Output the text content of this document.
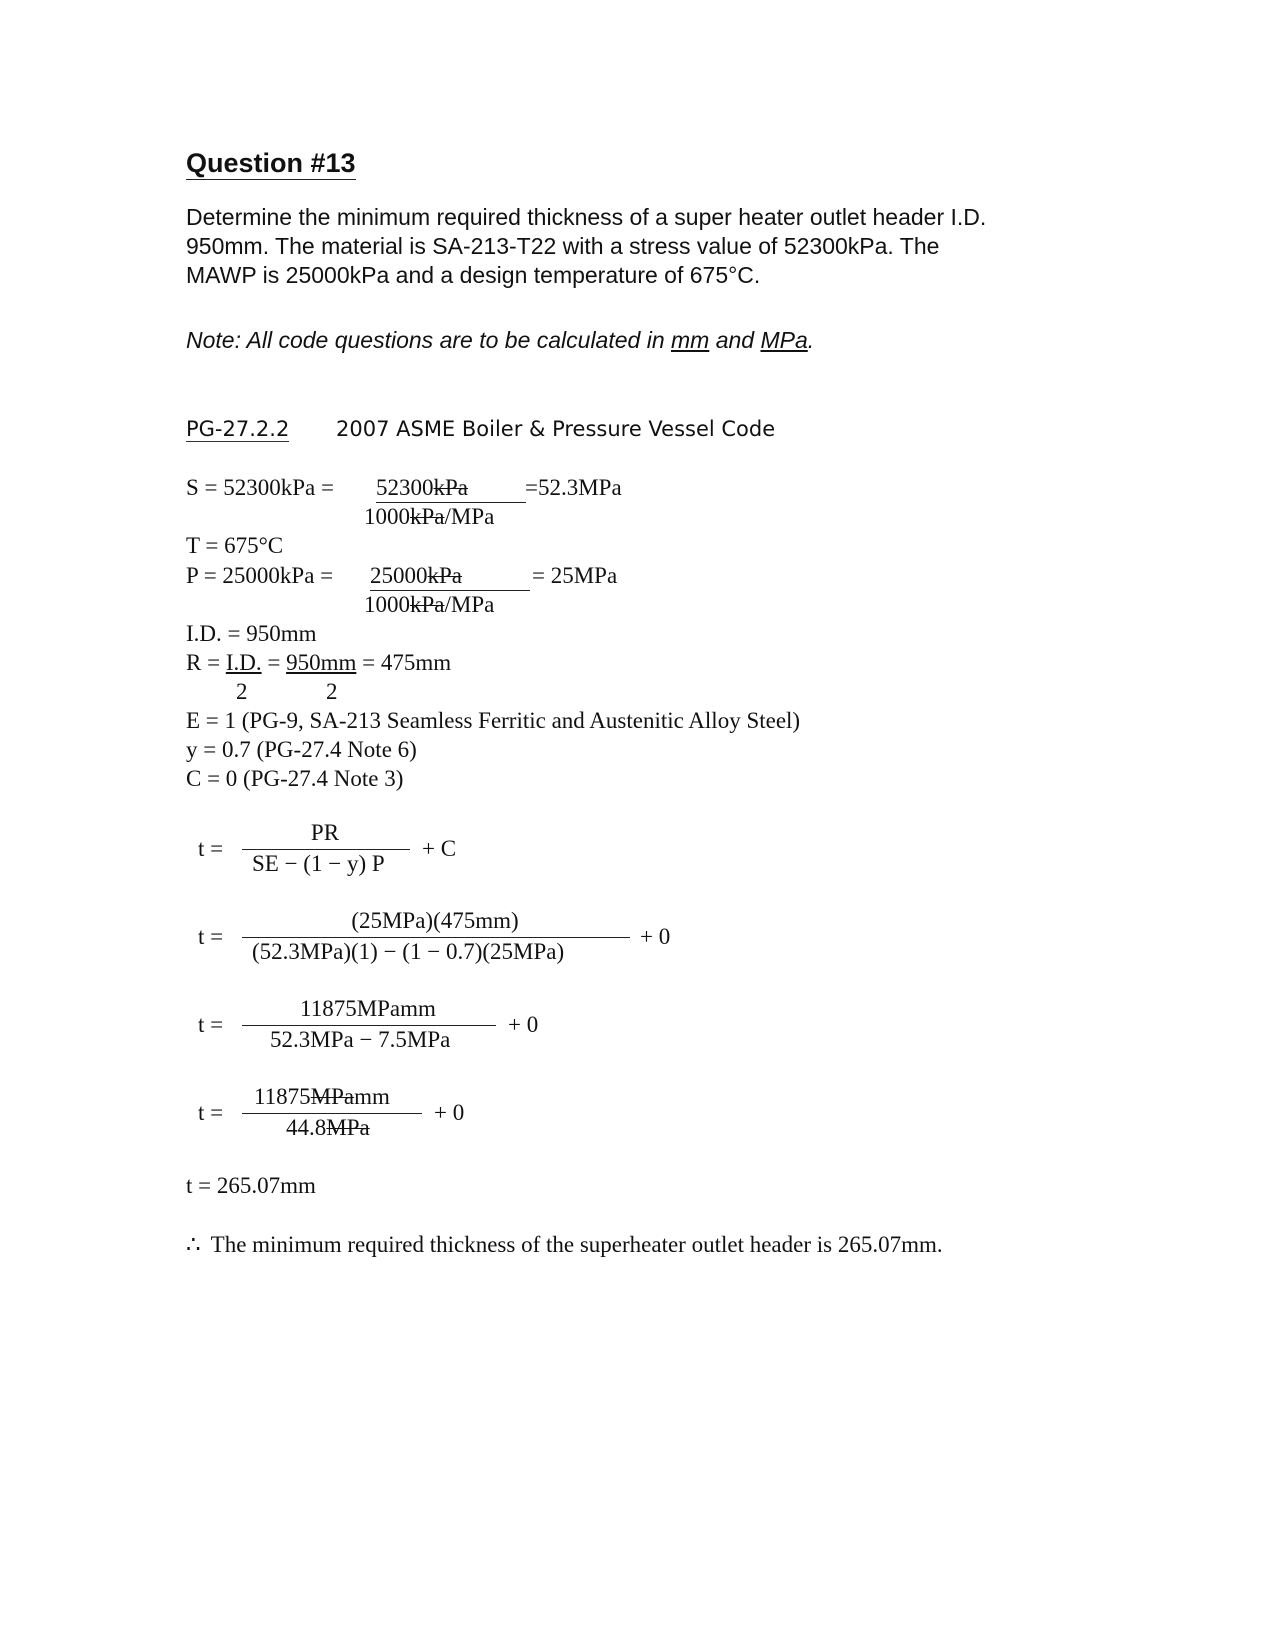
Question #13
Determine the minimum required thickness of a super heater outlet header I.D.
950mm. The material is SA-213-T22 with a stress value of 52300kPa. The
MAWP is 25000kPa and a design temperature of 675°C.
Note: All code questions are to be calculated in mm and MPa.
PG-27.2.2 2007 ASME Boiler & Pressure Vessel Code
S = 52300kPa = 52300kPa	=52.3MPa
1000kPa/MPa
T = 675°C
P = 25000kPa = 25000kPa	= 25MPa
1000kPa/MPa
I.D. = 950mm
R = I.D. = 950mm = 475mm
2	2
E = 1 (PG-9, SA-213 Seamless Ferritic and Austenitic Alloy Steel)
y = 0.7 (PG-27.4 Note 6)
C = 0 (PG-27.4 Note 3)
t =
PR
SE − (1 − y) P
+ C
t =
(25MPa)(475mm)
(52.3MPa)(1) − (1 − 0.7)(25MPa)
+ 0
t =
11875MPamm
52.3MPa − 7.5MPa
+ 0
t =
11875MPamm
44.8MPa
+ 0
t = 265.07mm
∴ The minimum required thickness of the superheater outlet header is 265.07mm.
